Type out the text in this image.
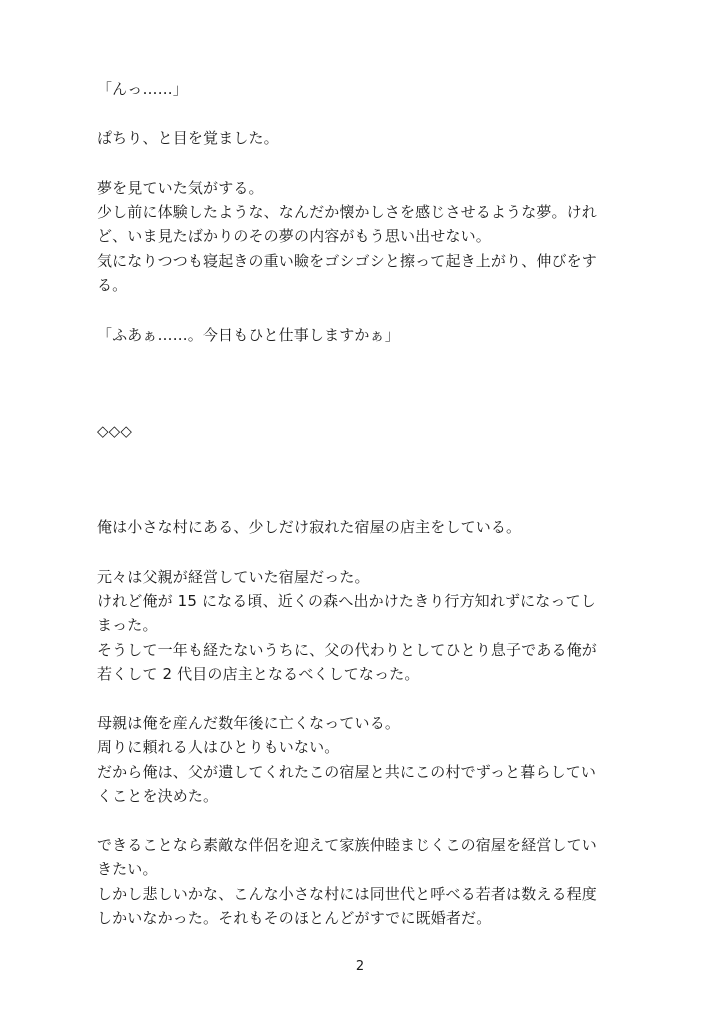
「んっ……」
ぱちり、と目を覚ました。
夢を見ていた気がする。
少し前に体験したような、なんだか懐かしさを感じさせるような夢。けれ
ど、いま見たばかりのその夢の内容がもう思い出せない。
気になりつつも寝起きの重い瞼をゴシゴシと擦って起き上がり、伸びをす
る。
「ふあぁ……。今日もひと仕事しますかぁ」
◇◇◇
俺は小さな村にある、少しだけ寂れた宿屋の店主をしている。
元々は父親が経営していた宿屋だった。
けれど俺が 15 になる頃、近くの森へ出かけたきり行方知れずになってし
まった。
そうして一年も経たないうちに、父の代わりとしてひとり息子である俺が
若くして 2 代目の店主となるべくしてなった。
母親は俺を産んだ数年後に亡くなっている。
周りに頼れる人はひとりもいない。
だから俺は、父が遺してくれたこの宿屋と共にこの村でずっと暮らしてい
くことを決めた。
できることなら素敵な伴侶を迎えて家族仲睦まじくこの宿屋を経営してい
きたい。
しかし悲しいかな、こんな小さな村には同世代と呼べる若者は数える程度
しかいなかった。それもそのほとんどがすでに既婚者だ。
2
